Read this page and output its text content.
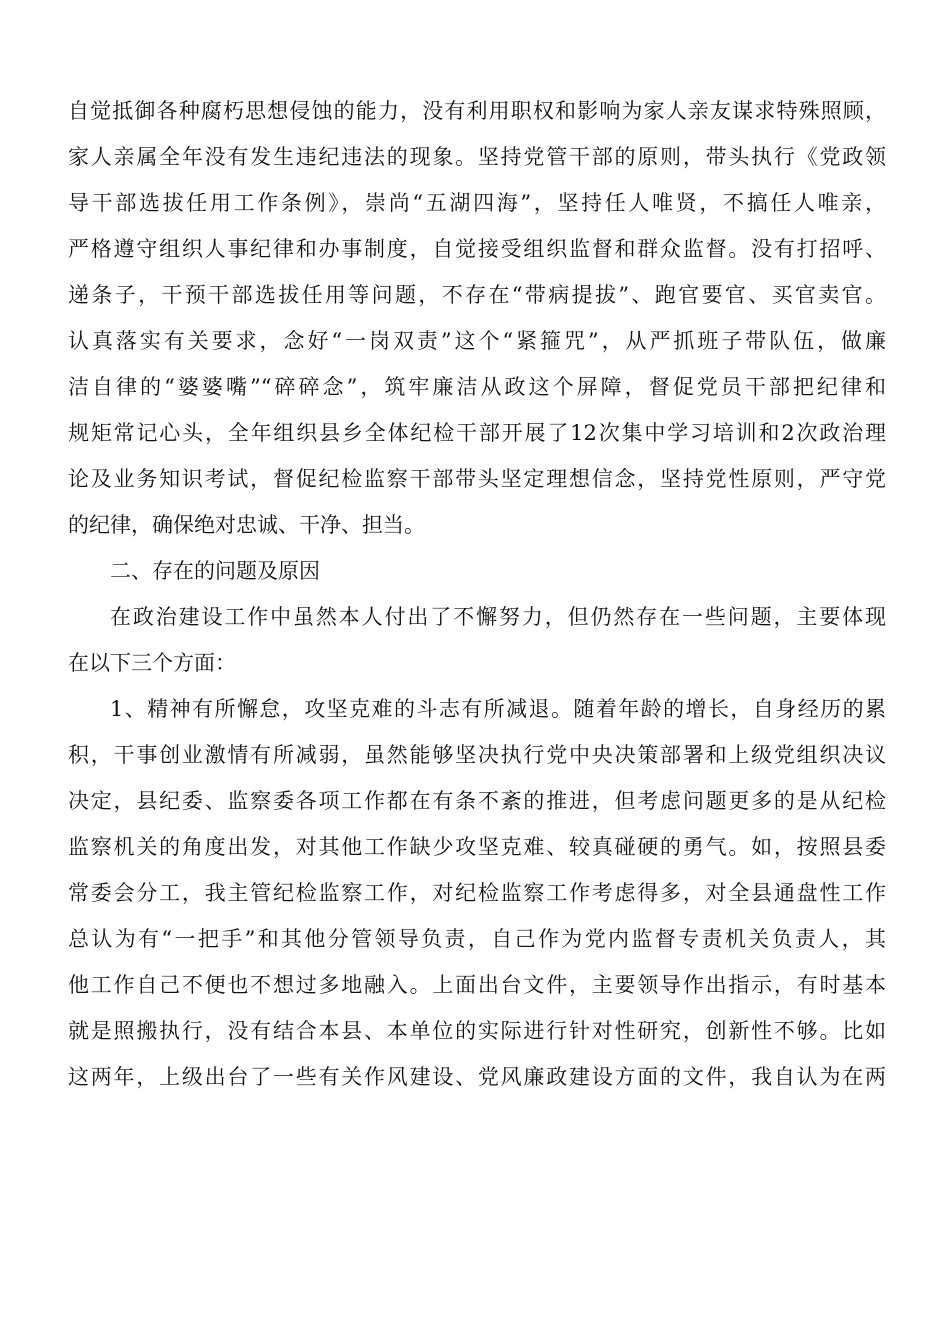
自觉抵御各种腐朽思想侵蚀的能力，没有利用职权和影响为家人亲友谋求特殊照顾，
家人亲属全年没有发生违纪违法的现象。坚持党管干部的原则，带头执行《党政领
导干部选拔任用工作条例》，崇尚“五湖四海”，坚持任人唯贤，不搞任人唯亲，
严格遵守组织人事纪律和办事制度，自觉接受组织监督和群众监督。没有打招呼、
递条子，干预干部选拔任用等问题，不存在“带病提拔”、跑官要官、买官卖官。
认真落实有关要求，念好“一岗双责”这个“紧箍咒”，从严抓班子带队伍，做廉
洁自律的“婆婆嘴”“碎碎念”，筑牢廉洁从政这个屏障，督促党员干部把纪律和
规矩常记心头，全年组织县乡全体纪检干部开展了12次集中学习培训和2次政治理
论及业务知识考试，督促纪检监察干部带头坚定理想信念，坚持党性原则，严守党
的纪律，确保绝对忠诚、干净、担当。
二、存在的问题及原因
在政治建设工作中虽然本人付出了不懈努力，但仍然存在一些问题，主要体现
在以下三个方面：
1、精神有所懈怠，攻坚克难的斗志有所减退。随着年龄的增长，自身经历的累
积，干事创业激情有所减弱，虽然能够坚决执行党中央决策部署和上级党组织决议
决定，县纪委、监察委各项工作都在有条不紊的推进，但考虑问题更多的是从纪检
监察机关的角度出发，对其他工作缺少攻坚克难、较真碰硬的勇气。如，按照县委
常委会分工，我主管纪检监察工作，对纪检监察工作考虑得多，对全县通盘性工作
总认为有“一把手”和其他分管领导负责，自己作为党内监督专责机关负责人，其
他工作自己不便也不想过多地融入。上面出台文件，主要领导作出指示，有时基本
就是照搬执行，没有结合本县、本单位的实际进行针对性研究，创新性不够。比如
这两年，上级出台了一些有关作风建设、党风廉政建设方面的文件，我自认为在两
